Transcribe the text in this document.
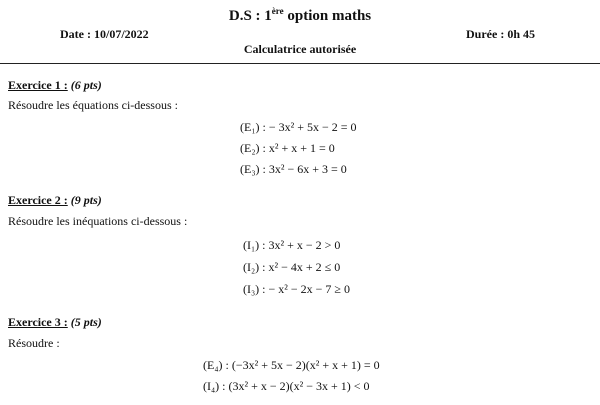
D.S : 1ère option maths
Date : 10/07/2022	Durée : 0h 45
Calculatrice autorisée
Exercice 1 : (6 pts)
Résoudre les équations ci-dessous :
(E₁) : − 3x² + 5x − 2 = 0
(E₂) : x² + x + 1 = 0
(E₃) : 3x² − 6x + 3 = 0
Exercice 2 : (9 pts)
Résoudre les inéquations ci-dessous :
(I₁) : 3x² + x − 2 > 0
(I₂) : x² − 4x + 2 ≤ 0
(I₃) : − x² − 2x − 7 ≥ 0
Exercice 3 : (5 pts)
Résoudre :
(E₄) : (−3x² + 5x − 2)(x² + x + 1) = 0
(I₄) : (3x² + x − 2)(x² − 3x + 1) < 0
